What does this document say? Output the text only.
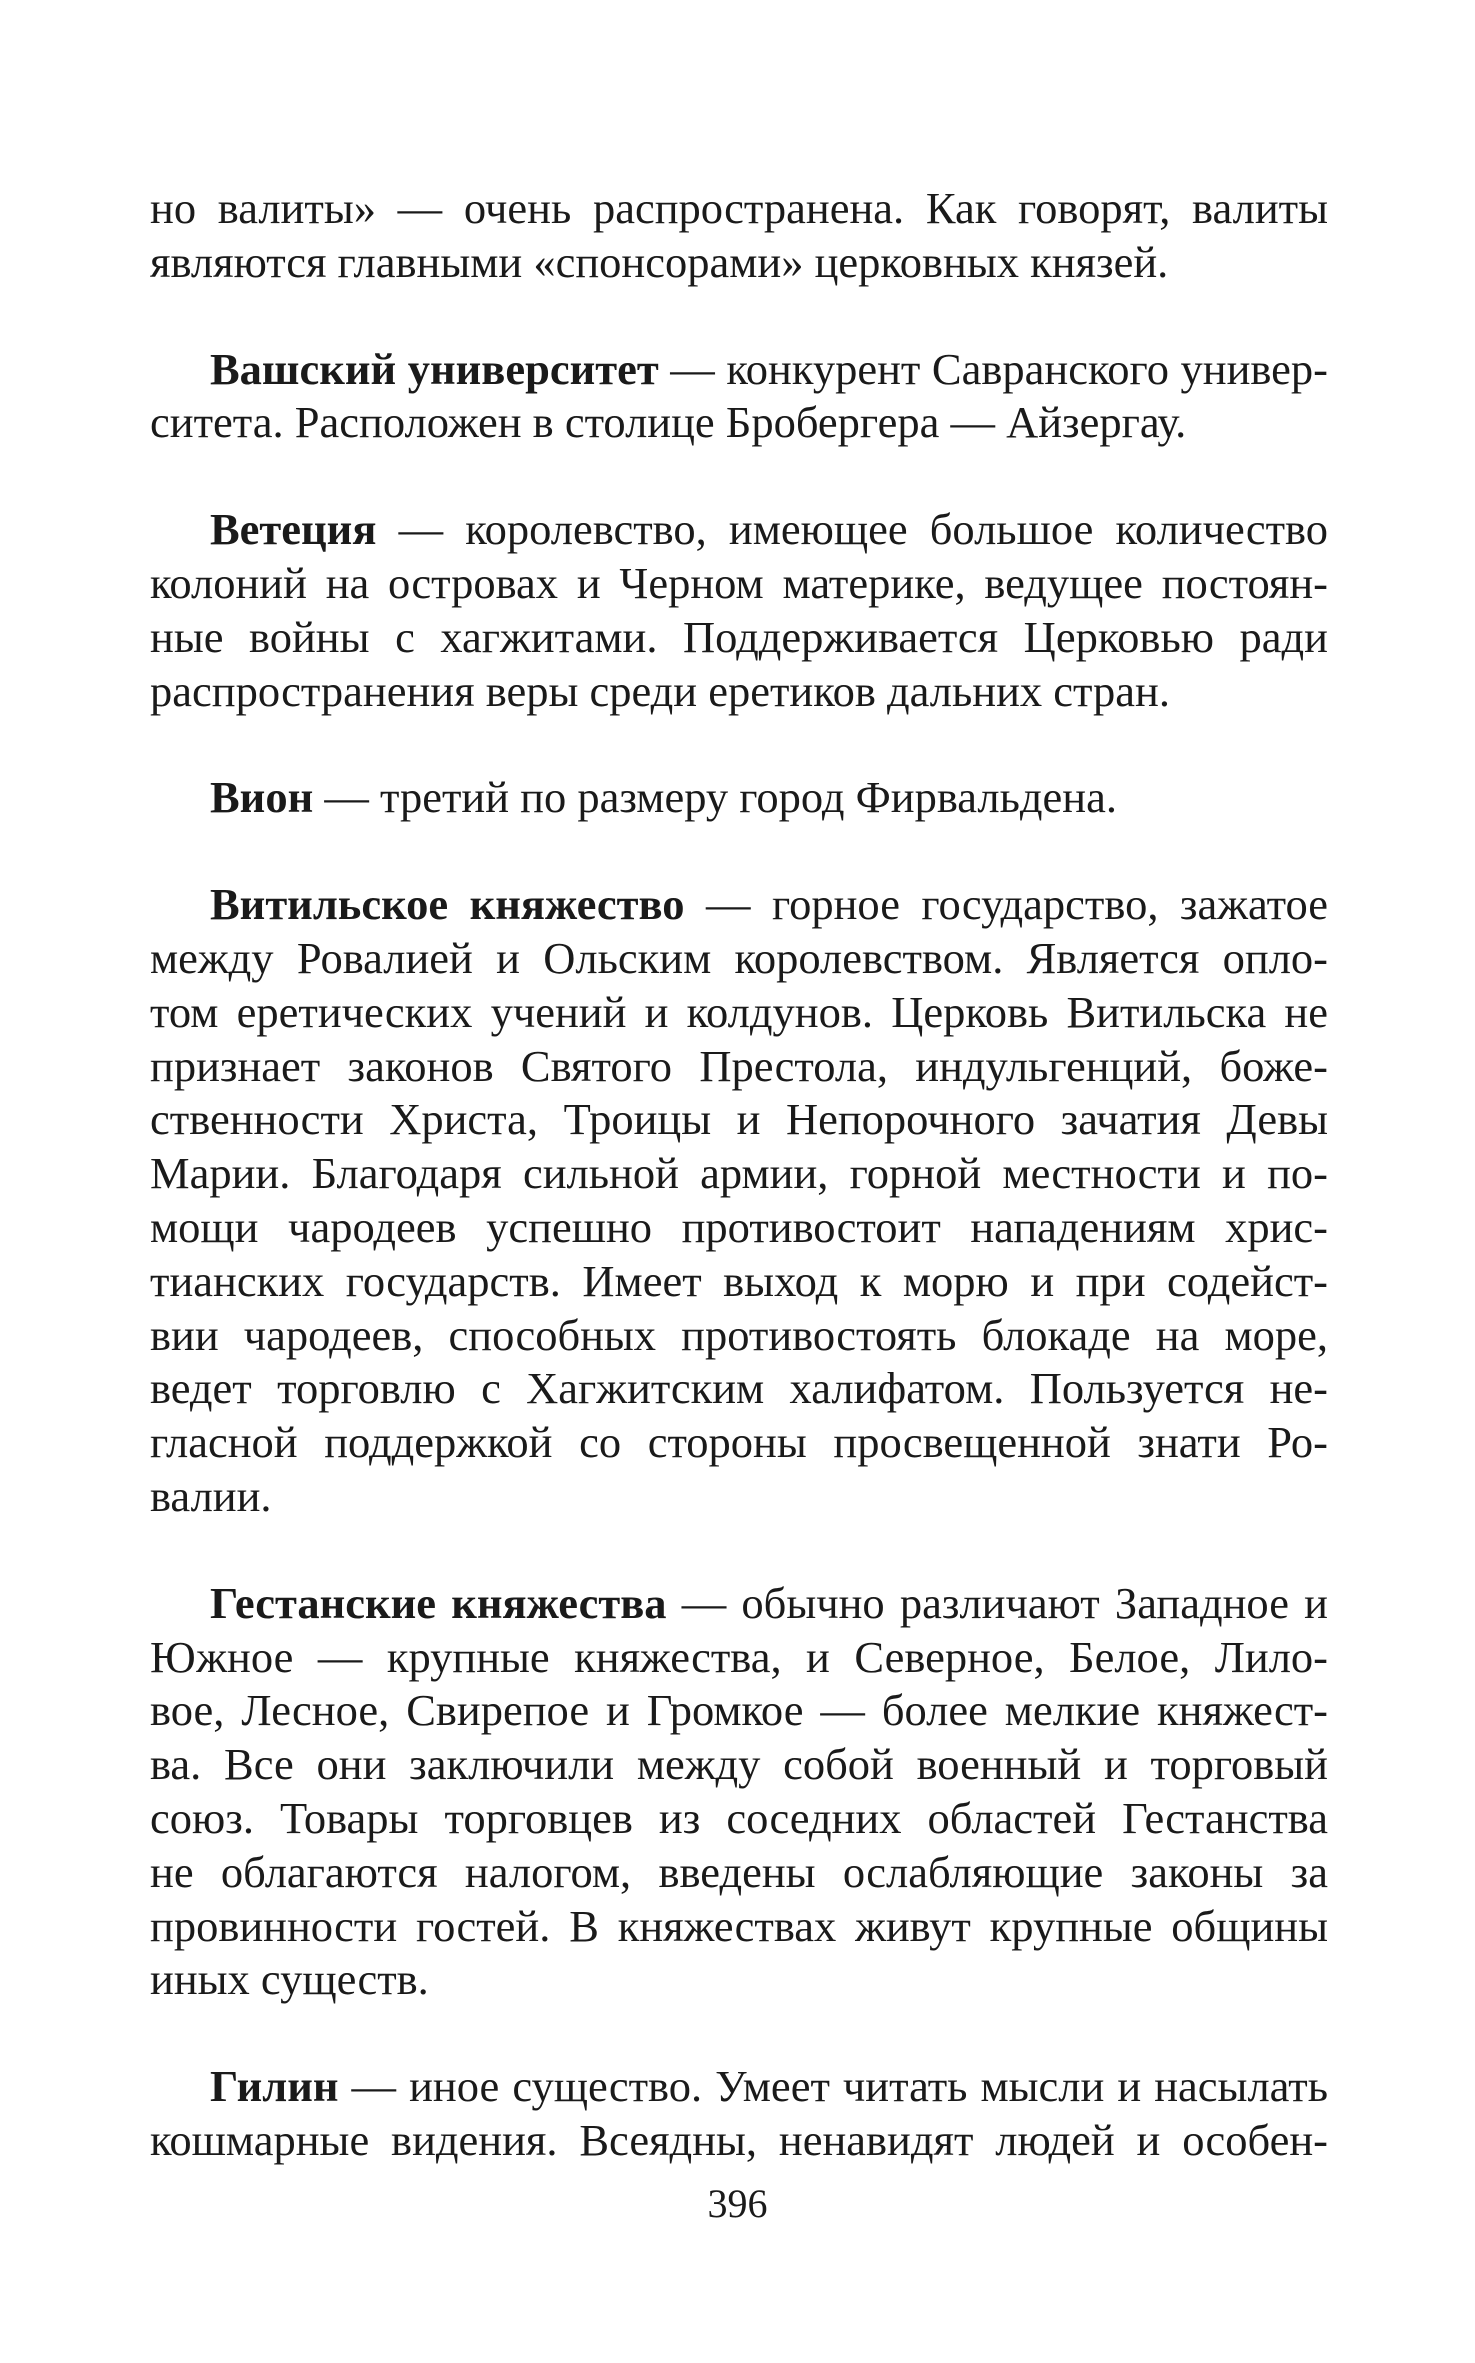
но валиты» — очень распространена. Как говорят, валиты
являются главными «спонсорами» церковных князей.

Вашский университет — конкурент Савранского универ-
ситета. Расположен в столице Бробергера — Айзергау.

Ветеция — королевство, имеющее большое количество
колоний на островах и Черном материке, ведущее постоян-
ные войны с хагжитами. Поддерживается Церковью ради
распространения веры среди еретиков дальних стран.

Вион — третий по размеру город Фирвальдена.

Витильское княжество — горное государство, зажатое
между Ровалией и Ольским королевством. Является опло-
том еретических учений и колдунов. Церковь Витильска не
признает законов Святого Престола, индульгенций, боже-
ственности Христа, Троицы и Непорочного зачатия Девы
Марии. Благодаря сильной армии, горной местности и по-
мощи чародеев успешно противостоит нападениям хрис-
тианских государств. Имеет выход к морю и при содейст-
вии чародеев, способных противостоять блокаде на море,
ведет торговлю с Хагжитским халифатом. Пользуется не-
гласной поддержкой со стороны просвещенной знати Ро-
валии.

Гестанские княжества — обычно различают Западное и
Южное — крупные княжества, и Северное, Белое, Лило-
вое, Лесное, Свирепое и Громкое — более мелкие княжест-
ва. Все они заключили между собой военный и торговый
союз. Товары торговцев из соседних областей Гестанства
не облагаются налогом, введены ослабляющие законы за
провинности гостей. В княжествах живут крупные общины
иных существ.

Гилин — иное существо. Умеет читать мысли и насылать
кошмарные видения. Всеядны, ненавидят людей и особен-

396
